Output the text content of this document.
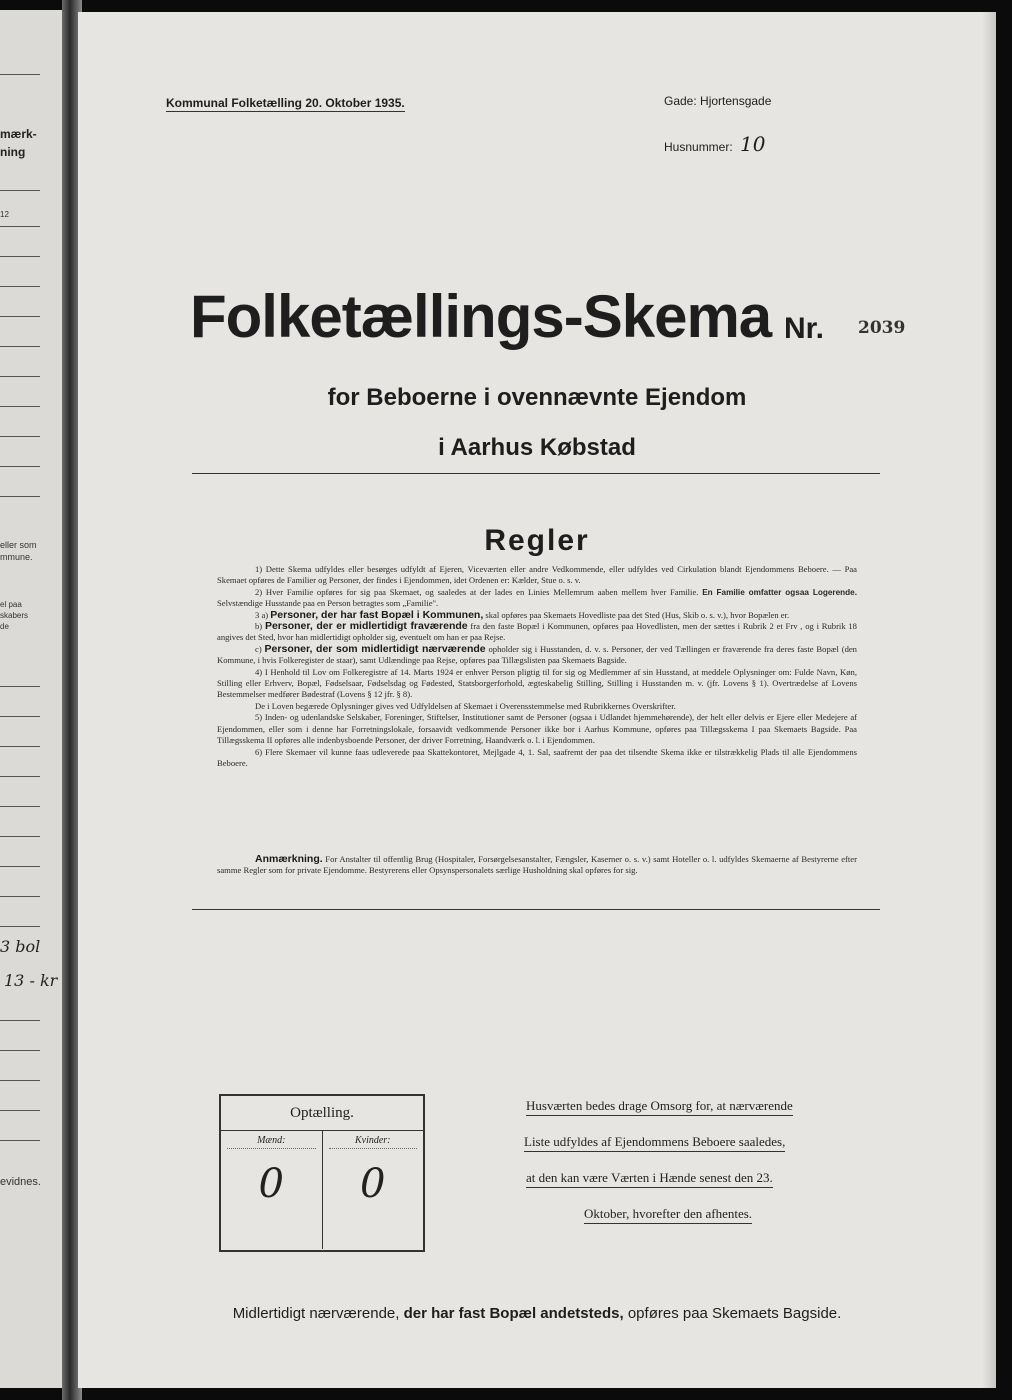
mærk-
ning
12
eller som
mmune.
el paa
skabers
de
3 bol
13 - kr
evidnes.
Kommunal Folketælling 20. Oktober 1935.	Gade: Hjortensgade
Husnummer: 10
Folketællings-Skema Nr. 2039
for Beboerne i ovennævnte Ejendom
i Aarhus Købstad
Regler

1) Dette Skema udfyldes eller besørges udfyldt af Ejeren, Viceværten eller andre Vedkommende, eller udfyldes ved Cirkulation blandt Ejendommens Beboere. — Paa Skemaet opføres de Familier og Personer, der findes i Ejendommen, idet Ordenen er: Kælder, Stue o. s. v.

2) Hver Familie opføres for sig paa Skemaet, og saaledes at der lades en Linies Mellemrum aaben mellem hver Familie. En Familie omfatter ogsaa Logerende. Selvstændige Husstande paa en Person betragtes som „Familie".

3 a) Personer, der har fast Bopæl i Kommunen, skal opføres paa Skemaets Hovedliste paa det Sted (Hus, Skib o. s. v.), hvor Bopælen er.

b) Personer, der er midlertidigt fraværende fra den faste Bopæl i Kommunen, opføres paa Hovedlisten, men der sættes i Rubrik 2 et Frv , og i Rubrik 18 angives det Sted, hvor han midlertidigt opholder sig, eventuelt om han er paa Rejse.

c) Personer, der som midlertidigt nærværende opholder sig i Husstanden, d. v. s. Personer, der ved Tællingen er fraværende fra deres faste Bopæl (den Kommune, i hvis Folkeregister de staar), samt Udlændinge paa Rejse, opføres paa Tillægslisten paa Skemaets Bagside.

4) I Henhold til Lov om Folkeregistre af 14. Marts 1924 er enhver Person pligtig til for sig og Medlemmer af sin Husstand, at meddele Oplysninger om: Fulde Navn, Køn, Stilling eller Erhverv, Bopæl, Fødselsaar, Fødselsdag og Fødested, Statsborgerforhold, ægteskabelig Stilling, Stilling i Husstanden m. v. (jfr. Lovens § 1). Overtrædelse af Lovens Bestemmelser medfører Bødestraf (Lovens § 12 jfr. § 8).

De i Loven begærede Oplysninger gives ved Udfyldelsen af Skemaet i Overensstemmelse med Rubrikkernes Overskrifter.

5) Inden- og udenlandske Selskaber, Foreninger, Stiftelser, Institutioner samt de Personer (ogsaa i Udlandet hjemmehørende), der helt eller delvis er Ejere eller Medejere af Ejendommen, eller som i denne har Forretningslokale, forsaavidt vedkommende Personer ikke bor i Aarhus Kommune, opføres paa Tillægsskema I paa Skemaets Bagside. Paa Tillægsskema II opføres alle indenbysboende Personer, der driver Forretning, Haandværk o. l. i Ejendommen.

6) Flere Skemaer vil kunne faas udleverede paa Skattekontoret, Mejlgade 4, 1. Sal, saafremt der paa det tilsendte Skema ikke er tilstrækkelig Plads til alle Ejendommens Beboere.

Anmærkning. For Anstalter til offentlig Brug (Hospitaler, Forsørgelsesanstalter, Fængsler, Kaserner o. s. v.) samt Hoteller o. l. udfyldes Skemaerne af Bestyrerne efter samme Regler som for private Ejendomme. Bestyrerens eller Opsynspersonalets særlige Husholdning skal opføres for sig.
Optælling.
Mænd:
0
Kvinder:
0
Husværten bedes drage Omsorg for, at nærværende
Liste udfyldes af Ejendommens Beboere saaledes,
at den kan være Værten i Hænde senest den 23.
Oktober, hvorefter den afhentes.
Midlertidigt nærværende, der har fast Bopæl andetsteds, opføres paa Skemaets Bagside.
